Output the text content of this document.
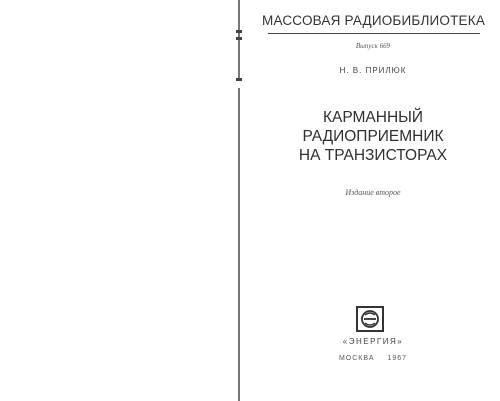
МАССОВАЯ РАДИОБИБЛИОТЕКА
Выпуск 669
Н. В. ПРИЛЮК
КАРМАННЫЙ
РАДИОПРИЕМНИК
НА ТРАНЗИСТОРАХ
Издание второе
«ЭНЕРГИЯ»
МОСКВА 1967
